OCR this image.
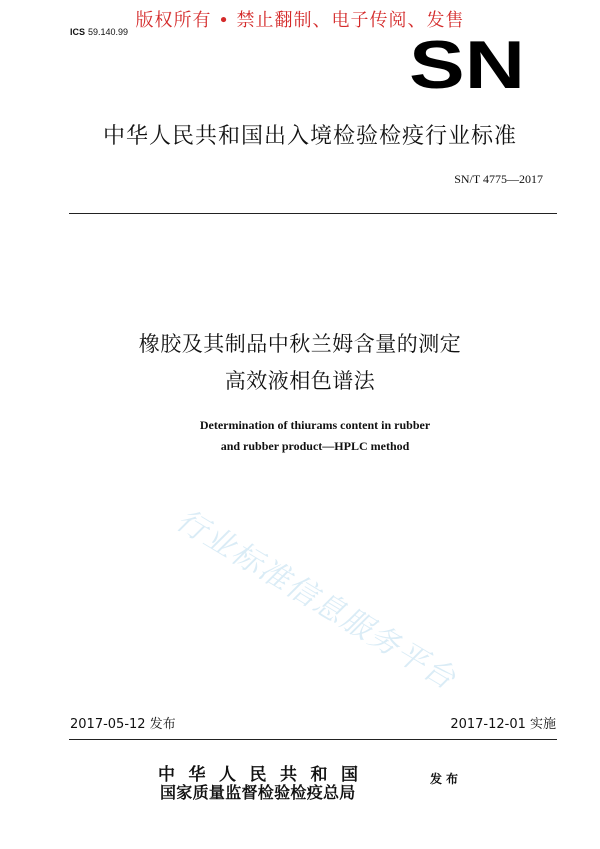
版权所有 • 禁止翻制、电子传阅、发售
ICS 59.140.99	SN
中华人民共和国出入境检验检疫行业标准
SN/T 4775—2017
橡胶及其制品中秋兰姆含量的测定
高效液相色谱法
Determination of thiurams content in rubber
and rubber product—HPLC method
行业标准信息服务平台
2017-05-12 发布	2017-12-01 实施
中华人民共和国
国家质量监督检验检疫总局
发布
